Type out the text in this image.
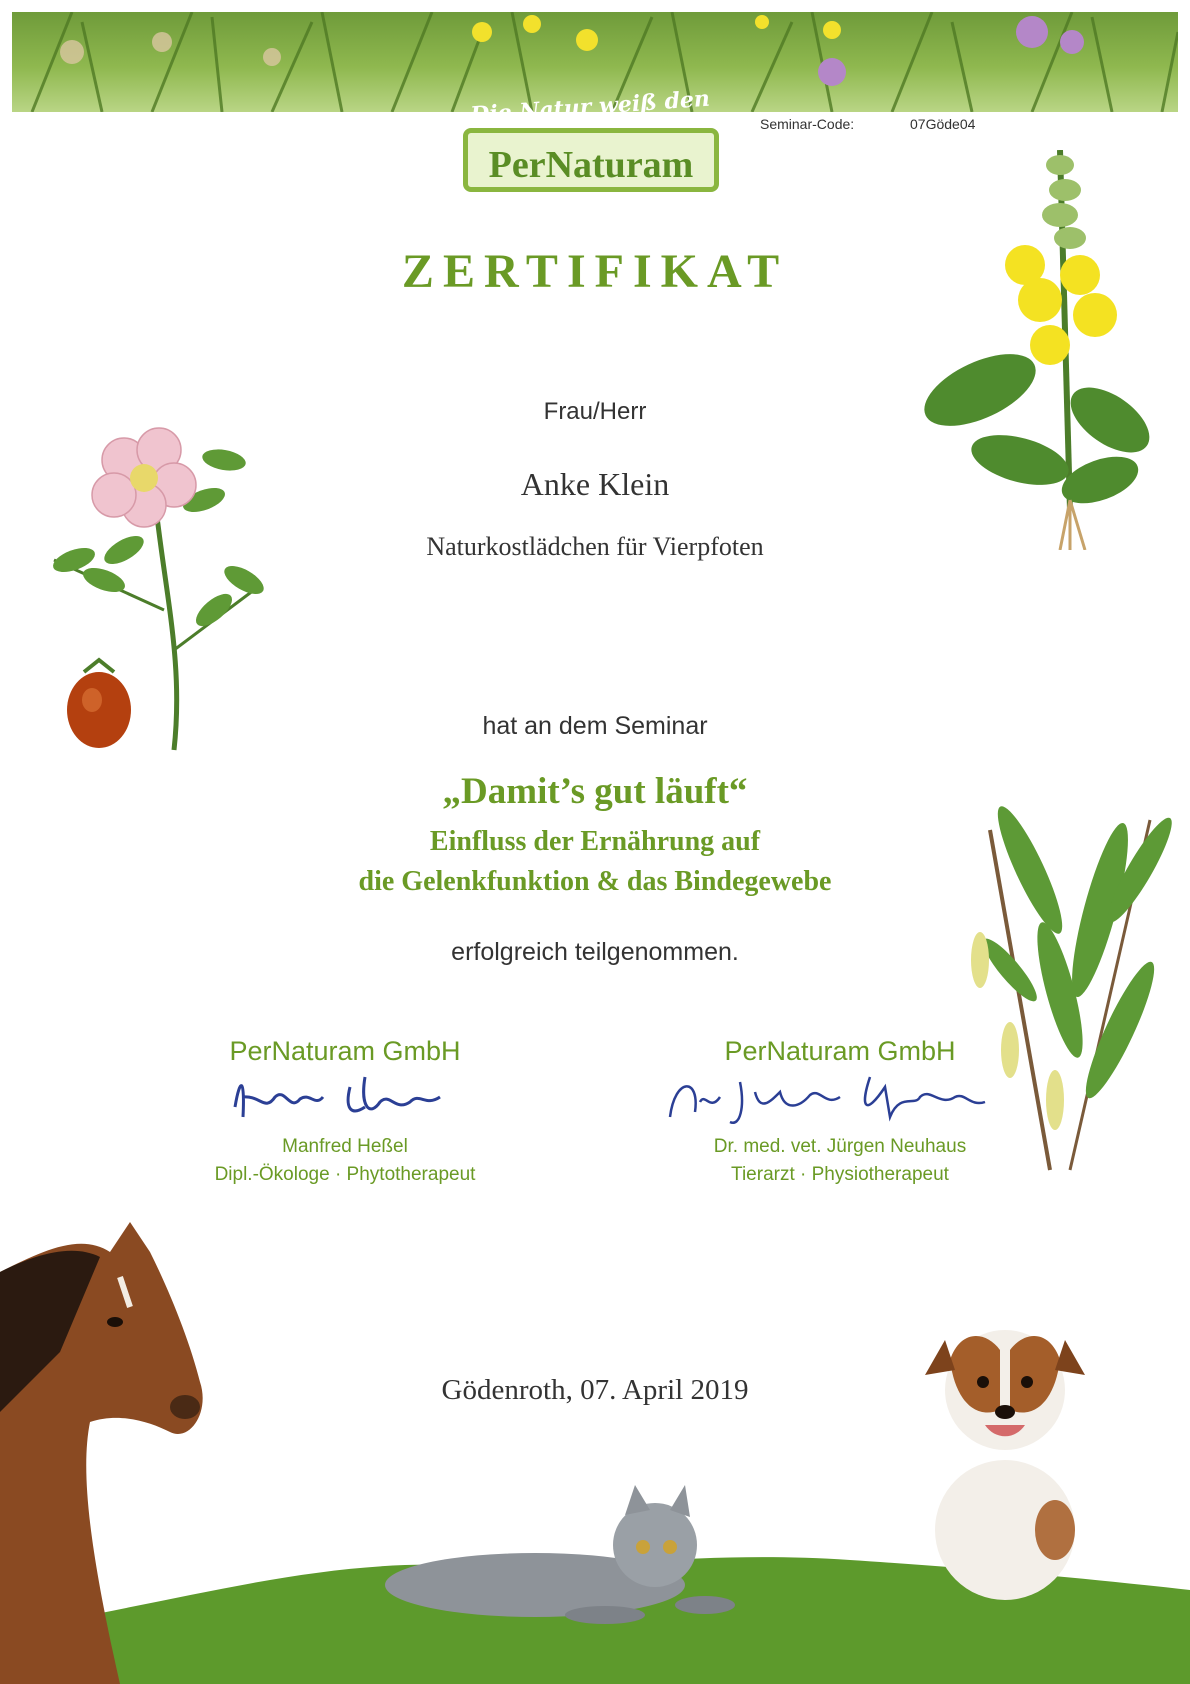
Die Natur weiß den
PerNaturam
Seminar-Code:	07Göde04
ZERTIFIKAT
Frau/Herr
Anke Klein
Naturkostlädchen für Vierpfoten
hat an dem Seminar
„Damit’s gut läuft“
Einfluss der Ernährung auf
die Gelenkfunktion & das Bindegewebe
erfolgreich teilgenommen.
PerNaturam GmbH
Manfred Heßel
Dipl.-Ökologe · Phytotherapeut
PerNaturam GmbH
Dr. med. vet. Jürgen Neuhaus
Tierarzt · Physiotherapeut
Gödenroth, 07. April 2019
